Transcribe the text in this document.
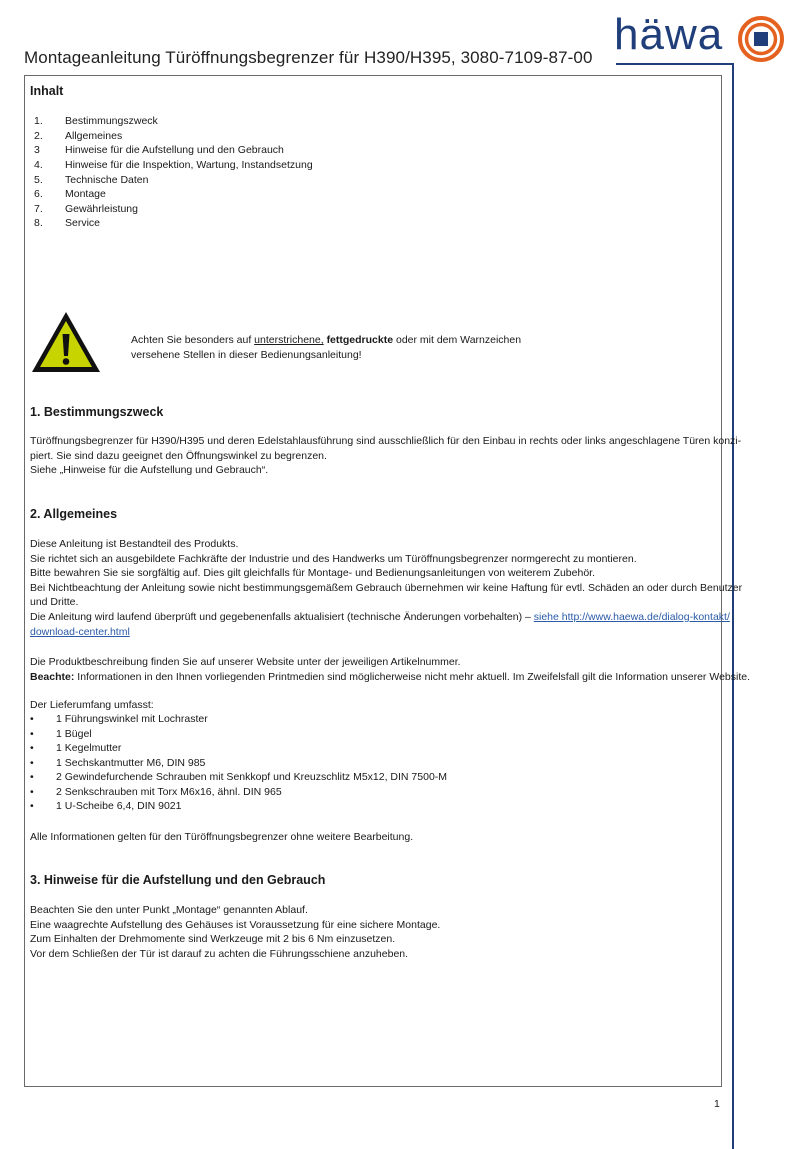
Montageanleitung Türöffnungsbegrenzer für H390/H395, 3080-7109-87-00 häwa
Inhalt
1. Bestimmungszweck
2. Allgemeines
3 Hinweise für die Aufstellung und den Gebrauch
4. Hinweise für die Inspektion, Wartung, Instandsetzung
5. Technische Daten
6. Montage
7. Gewährleistung
8. Service
Achten Sie besonders auf unterstrichene, fettgedruckte oder mit dem Warnzeichen
versehene Stellen in dieser Bedienungsanleitung!
1. Bestimmungszweck
Türöffnungsbegrenzer für H390/H395 und deren Edelstahlausführung sind ausschließlich für den Einbau in rechts oder links angeschlagene Türen konzi-
piert. Sie sind dazu geeignet den Öffnungswinkel zu begrenzen.
Siehe „Hinweise für die Aufstellung und Gebrauch“.
2. Allgemeines
Diese Anleitung ist Bestandteil des Produkts.
Sie richtet sich an ausgebildete Fachkräfte der Industrie und des Handwerks um Türöffnungsbegrenzer normgerecht zu montieren.
Bitte bewahren Sie sie sorgfältig auf. Dies gilt gleichfalls für Montage- und Bedienungsanleitungen von weiterem Zubehör.
Bei Nichtbeachtung der Anleitung sowie nicht bestimmungsgemäßem Gebrauch übernehmen wir keine Haftung für evtl. Schäden an oder durch Benutzer
und Dritte.
Die Anleitung wird laufend überprüft und gegebenenfalls aktualisiert (technische Änderungen vorbehalten) – siehe http://www.haewa.de/dialog-kontakt/
download-center.html
Die Produktbeschreibung finden Sie auf unserer Website unter der jeweiligen Artikelnummer.
Beachte: Informationen in den Ihnen vorliegenden Printmedien sind möglicherweise nicht mehr aktuell. Im Zweifelsfall gilt die Information unserer Website.
Der Lieferumfang umfasst:
• 1 Führungswinkel mit Lochraster
• 1 Bügel
• 1 Kegelmutter
• 1 Sechskantmutter M6, DIN 985
• 2 Gewindefurchende Schrauben mit Senkkopf und Kreuzschlitz M5x12, DIN 7500-M
• 2 Senkschrauben mit Torx M6x16, ähnl. DIN 965
• 1 U-Scheibe 6,4, DIN 9021
Alle Informationen gelten für den Türöffnungsbegrenzer ohne weitere Bearbeitung.
3. Hinweise für die Aufstellung und den Gebrauch
Beachten Sie den unter Punkt „Montage“ genannten Ablauf.
Eine waagrechte Aufstellung des Gehäuses ist Voraussetzung für eine sichere Montage.
Zum Einhalten der Drehmomente sind Werkzeuge mit 2 bis 6 Nm einzusetzen.
Vor dem Schließen der Tür ist darauf zu achten die Führungsschiene anzuheben.
1
